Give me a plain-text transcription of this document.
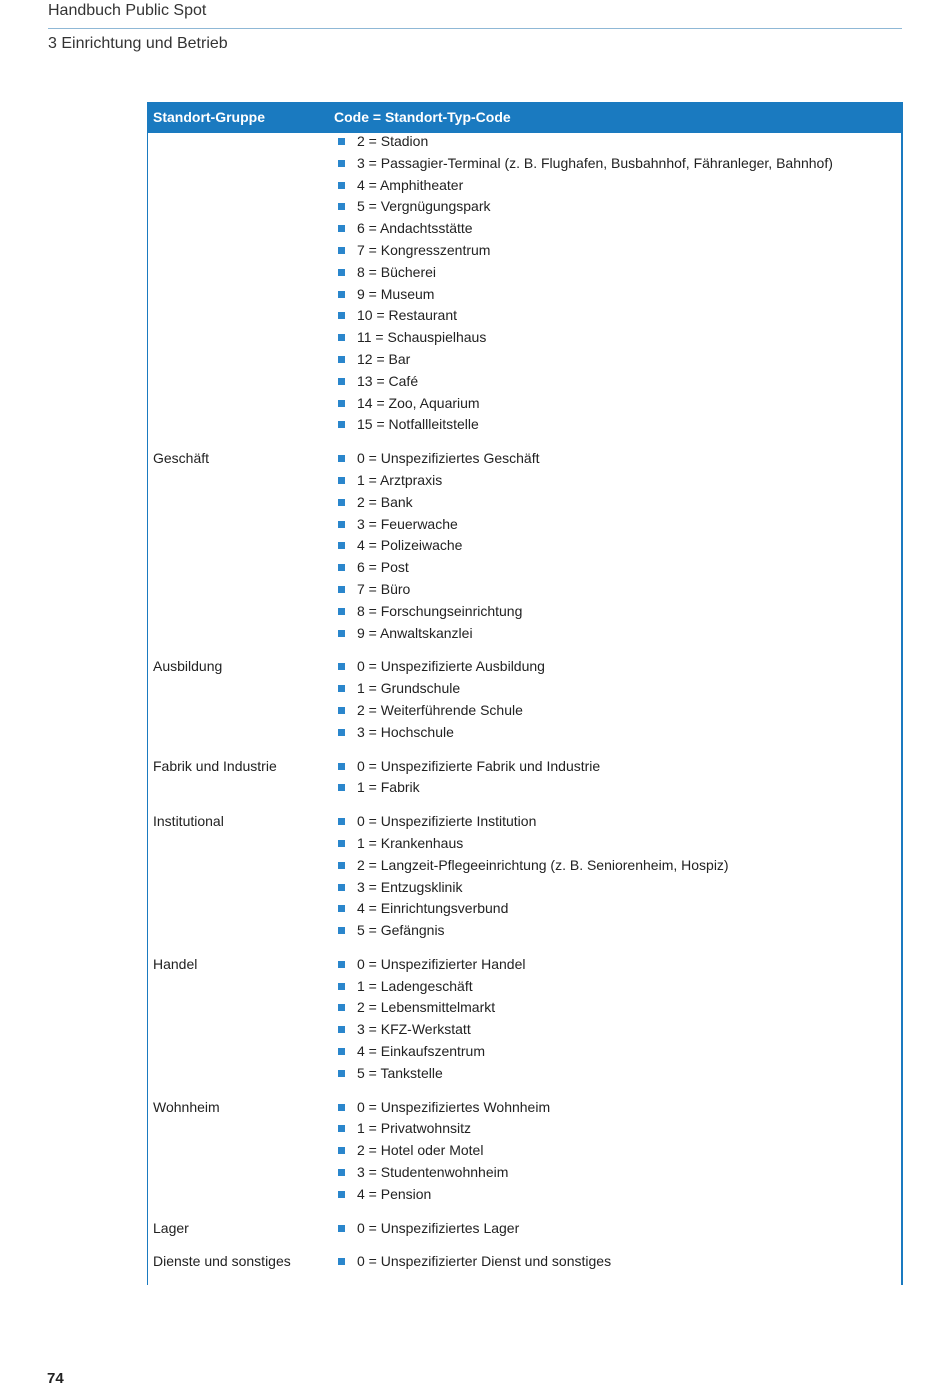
Handbuch Public Spot
3 Einrichtung und Betrieb
Standort-Gruppe	Code = Standort-Typ-Code
2 = Stadion
3 = Passagier-Terminal (z. B. Flughafen, Busbahnhof, Fähranleger, Bahnhof)
4 = Amphitheater
5 = Vergnügungspark
6 = Andachtsstätte
7 = Kongresszentrum
8 = Bücherei
9 = Museum
10 = Restaurant
11 = Schauspielhaus
12 = Bar
13 = Café
14 = Zoo, Aquarium
15 = Notfallleitstelle
Geschäft	0 = Unspezifiziertes Geschäft
1 = Arztpraxis
2 = Bank
3 = Feuerwache
4 = Polizeiwache
6 = Post
7 = Büro
8 = Forschungseinrichtung
9 = Anwaltskanzlei
Ausbildung	0 = Unspezifizierte Ausbildung
1 = Grundschule
2 = Weiterführende Schule
3 = Hochschule
Fabrik und Industrie	0 = Unspezifizierte Fabrik und Industrie
1 = Fabrik
Institutional	0 = Unspezifizierte Institution
1 = Krankenhaus
2 = Langzeit-Pflegeeinrichtung (z. B. Seniorenheim, Hospiz)
3 = Entzugsklinik
4 = Einrichtungsverbund
5 = Gefängnis
Handel	0 = Unspezifizierter Handel
1 = Ladengeschäft
2 = Lebensmittelmarkt
3 = KFZ-Werkstatt
4 = Einkaufszentrum
5 = Tankstelle
Wohnheim	0 = Unspezifiziertes Wohnheim
1 = Privatwohnsitz
2 = Hotel oder Motel
3 = Studentenwohnheim
4 = Pension
Lager	0 = Unspezifiziertes Lager
Dienste und sonstiges	0 = Unspezifizierter Dienst und sonstiges
74
